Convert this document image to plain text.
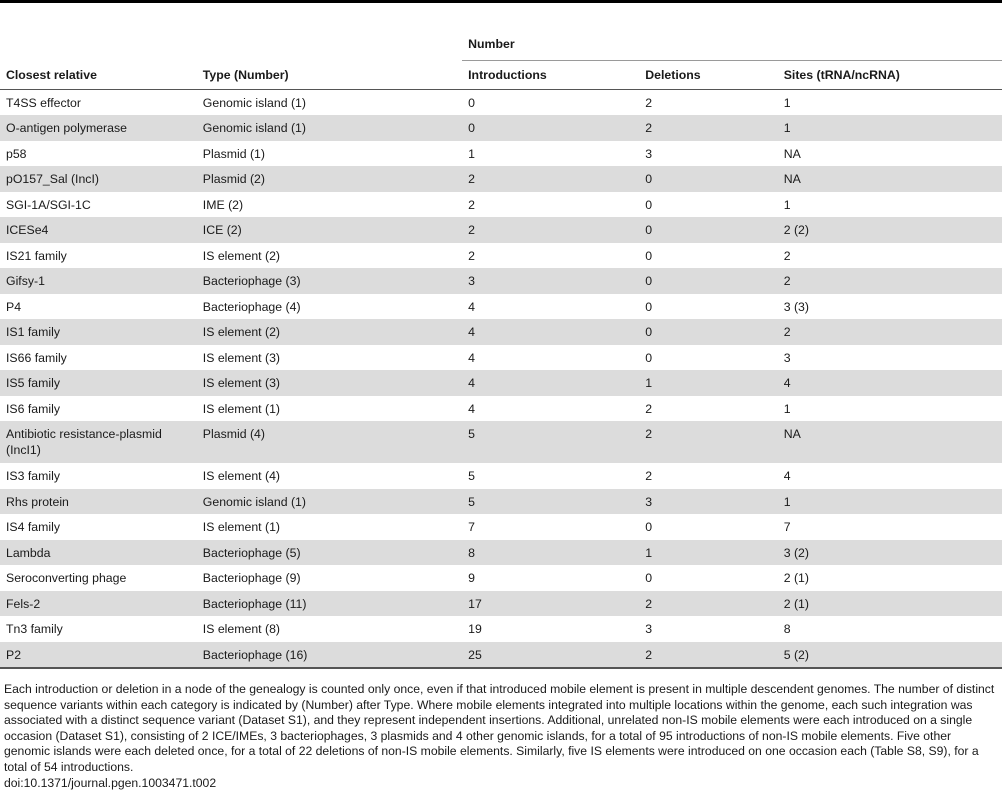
		Number		
Closest relative	Type (Number)	Introductions	Deletions	Sites (tRNA/ncRNA)
T4SS effector	Genomic island (1)	0	2	1
O-antigen polymerase	Genomic island (1)	0	2	1
p58	Plasmid (1)	1	3	NA
pO157_Sal (IncI)	Plasmid (2)	2	0	NA
SGI-1A/SGI-1C	IME (2)	2	0	1
ICESe4	ICE (2)	2	0	2 (2)
IS21 family	IS element (2)	2	0	2
Gifsy-1	Bacteriophage (3)	3	0	2
P4	Bacteriophage (4)	4	0	3 (3)
IS1 family	IS element (2)	4	0	2
IS66 family	IS element (3)	4	0	3
IS5 family	IS element (3)	4	1	4
IS6 family	IS element (1)	4	2	1
Antibiotic resistance-plasmid (IncI1)	Plasmid (4)	5	2	NA
IS3 family	IS element (4)	5	2	4
Rhs protein	Genomic island (1)	5	3	1
IS4 family	IS element (1)	7	0	7
Lambda	Bacteriophage (5)	8	1	3 (2)
Seroconverting phage	Bacteriophage (9)	9	0	2 (1)
Fels-2	Bacteriophage (11)	17	2	2 (1)
Tn3 family	IS element (8)	19	3	8
P2	Bacteriophage (16)	25	2	5 (2)

Each introduction or deletion in a node of the genealogy is counted only once, even if that introduced mobile element is present in multiple descendent genomes. The number of distinct sequence variants within each category is indicated by (Number) after Type. Where mobile elements integrated into multiple locations within the genome, each such integration was associated with a distinct sequence variant (Dataset S1), and they represent independent insertions. Additional, unrelated non-IS mobile elements were each introduced on a single occasion (Dataset S1), consisting of 2 ICE/IMEs, 3 bacteriophages, 3 plasmids and 4 other genomic islands, for a total of 95 introductions of non-IS mobile elements. Five other genomic islands were each deleted once, for a total of 22 deletions of non-IS mobile elements. Similarly, five IS elements were introduced on one occasion each (Table S8, S9), for a total of 54 introductions.

doi:10.1371/journal.pgen.1003471.t002
